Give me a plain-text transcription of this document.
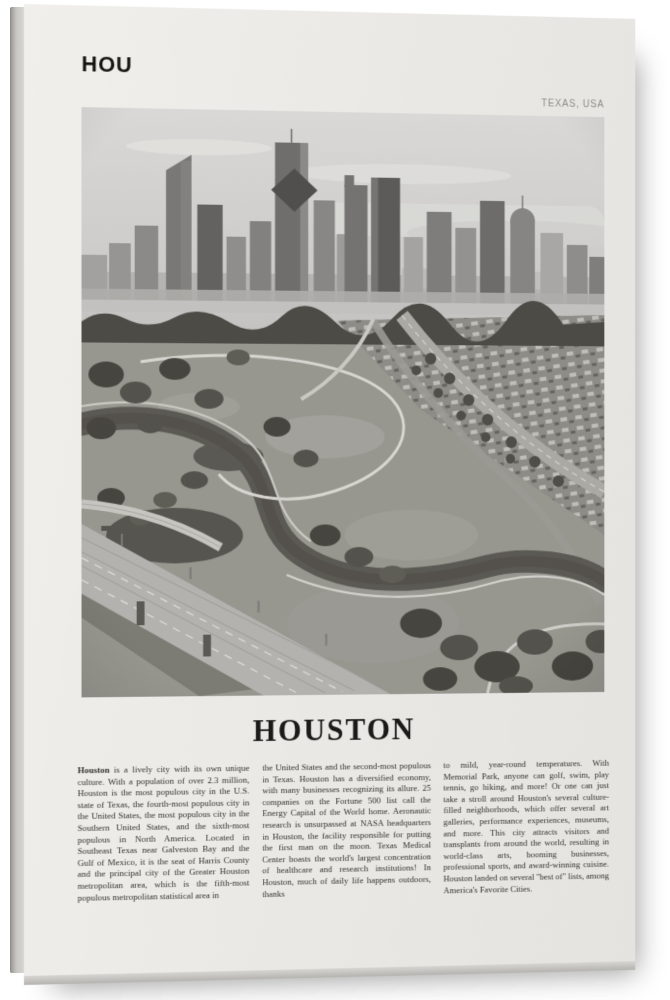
HOU
TEXAS, USA
HOUSTON

Houston is a lively city with its own unique culture. With a population of over 2.3 million, Houston is the most populous city in the U.S. state of Texas, the fourth-most populous city in the United States, the most populous city in the Southern United States, and the sixth-most populous in North America. Located in Southeast Texas near Galveston Bay and the Gulf of Mexico, it is the seat of Harris County and the principal city of the Greater Houston metropolitan area, which is the fifth-most populous metropolitan statistical area in

the United States and the second-most populous in Texas. Houston has a diversified economy, with many businesses recognizing its allure. 25 companies on the Fortune 500 list call the Energy Capital of the World home. Aeronautic research is unsurpassed at NASA headquarters in Houston, the facility responsible for putting the first man on the moon. Texas Medical Center boasts the world's largest concentration of healthcare and research institutions! In Houston, much of daily life happens outdoors, thanks

to mild, year-round temperatures. With Memorial Park, anyone can golf, swim, play tennis, go hiking, and more! Or one can just take a stroll around Houston's several culture-filled neighborhoods, which offer several art galleries, performance experiences, museums, and more. This city attracts visitors and transplants from around the world, resulting in world-class arts, booming businesses, professional sports, and award-winning cuisine. Houston landed on several "best of" lists, among America's Favorite Cities.
